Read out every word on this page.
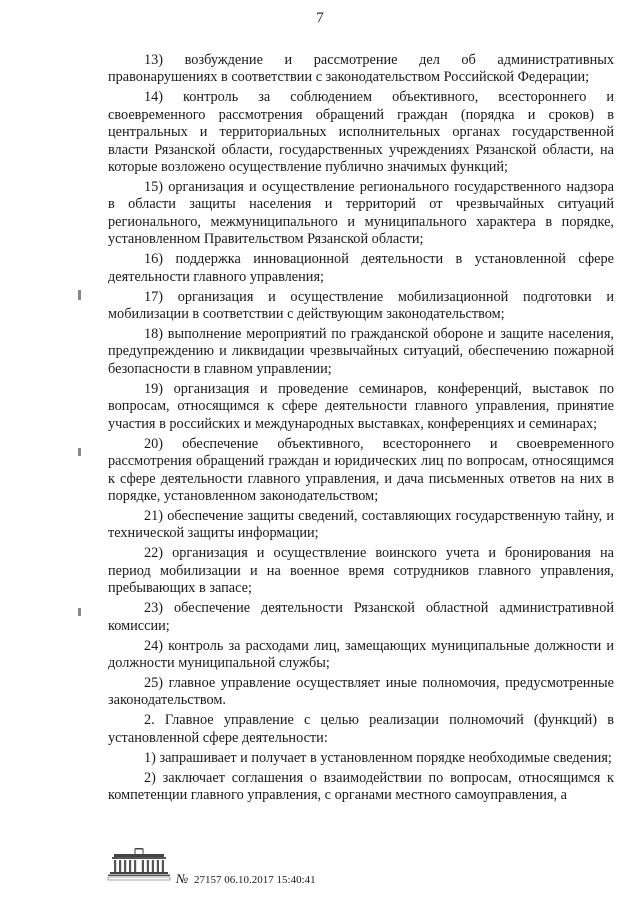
7

13) возбуждение и рассмотрение дел об административных правонарушениях в соответствии с законодательством Российской Федерации;

14) контроль за соблюдением объективного, всестороннего и своевременного рассмотрения обращений граждан (порядка и сроков) в центральных и территориальных исполнительных органах государственной власти Рязанской области, государственных учреждениях Рязанской области, на которые возложено осуществление публично значимых функций;

15) организация и осуществление регионального государственного надзора в области защиты населения и территорий от чрезвычайных ситуаций регионального, межмуниципального и муниципального характера в порядке, установленном Правительством Рязанской области;

16) поддержка инновационной деятельности в установленной сфере деятельности главного управления;

17) организация и осуществление мобилизационной подготовки и мобилизации в соответствии с действующим законодательством;

18) выполнение мероприятий по гражданской обороне и защите населения, предупреждению и ликвидации чрезвычайных ситуаций, обеспечению пожарной безопасности в главном управлении;

19) организация и проведение семинаров, конференций, выставок по вопросам, относящимся к сфере деятельности главного управления, принятие участия в российских и международных выставках, конференциях и семинарах;

20) обеспечение объективного, всестороннего и своевременного рассмотрения обращений граждан и юридических лиц по вопросам, относящимся к сфере деятельности главного управления, и дача письменных ответов на них в порядке, установленном законодательством;

21) обеспечение защиты сведений, составляющих государственную тайну, и технической защиты информации;

22) организация и осуществление воинского учета и бронирования на период мобилизации и на военное время сотрудников главного управления, пребывающих в запасе;

23) обеспечение деятельности Рязанской областной административной комиссии;

24) контроль за расходами лиц, замещающих муниципальные должности и должности муниципальной службы;

25) главное управление осуществляет иные полномочия, предусмотренные законодательством.

2. Главное управление с целью реализации полномочий (функций) в установленной сфере деятельности:

1) запрашивает и получает в установленном порядке необходимые сведения;

2) заключает соглашения о взаимодействии по вопросам, относящимся к компетенции главного управления, с органами местного самоуправления, а

№ 27157 06.10.2017 15:40:41
